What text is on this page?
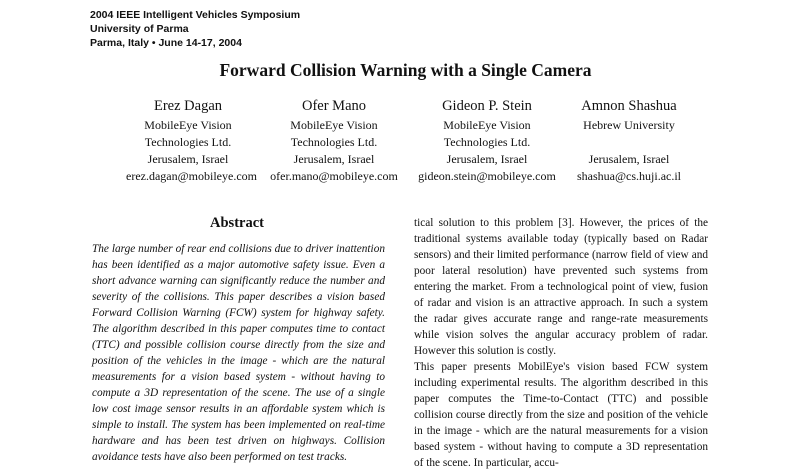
2004 IEEE Intelligent Vehicles Symposium
University of Parma
Parma, Italy • June 14-17, 2004
Forward Collision Warning with a Single Camera
Erez Dagan
MobileEye Vision
Technologies Ltd.
Jerusalem, Israel
erez.dagan@mobileye.com
Ofer Mano
MobileEye Vision
Technologies Ltd.
Jerusalem, Israel
ofer.mano@mobileye.com
Gideon P. Stein
MobileEye Vision
Technologies Ltd.
Jerusalem, Israel
gideon.stein@mobileye.com
Amnon Shashua
Hebrew University

Jerusalem, Israel
shashua@cs.huji.ac.il
Abstract
The large number of rear end collisions due to driver inattention has been identified as a major automotive safety issue. Even a short advance warning can significantly reduce the number and severity of the collisions. This paper describes a vision based Forward Collision Warning (FCW) system for highway safety. The algorithm described in this paper computes time to contact (TTC) and possible collision course directly from the size and position of the vehicles in the image - which are the natural measurements for a vision based system - without having to compute a 3D representation of the scene. The use of a single low cost image sensor results in an affordable system which is simple to install. The system has been implemented on real-time hardware and has been test driven on highways. Collision avoidance tests have also been performed on test tracks.

tical solution to this problem [3]. However, the prices of the traditional systems available today (typically based on Radar sensors) and their limited performance (narrow field of view and poor lateral resolution) have prevented such systems from entering the market. From a technological point of view, fusion of radar and vision is an attractive approach. In such a system the radar gives accurate range and range-rate measurements while vision solves the angular accuracy problem of radar. However this solution is costly.

This paper presents MobilEye's vision based FCW system including experimental results. The algorithm described in this paper computes the Time-to-Contact (TTC) and possible collision course directly from the size and position of the vehicle in the image - which are the natural measurements for a vision based system - without having to compute a 3D representation of the scene. In particular, accu-
